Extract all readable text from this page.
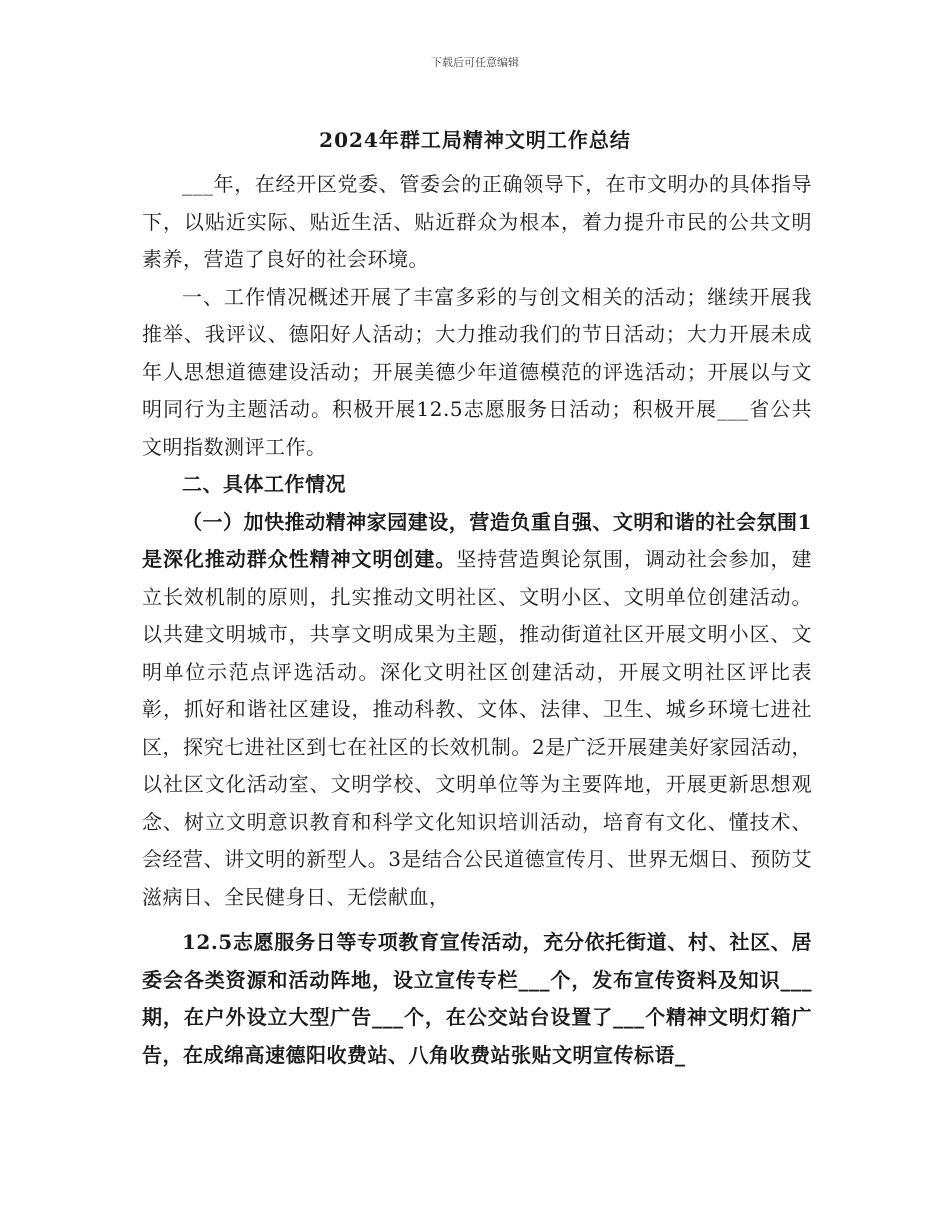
下载后可任意编辑
2024年群工局精神文明工作总结

___年，在经开区党委、管委会的正确领导下，在市文明办的具体指导下，以贴近实际、贴近生活、贴近群众为根本，着力提升市民的公共文明素养，营造了良好的社会环境。

一、工作情况概述开展了丰富多彩的与创文相关的活动；继续开展我推举、我评议、德阳好人活动；大力推动我们的节日活动；大力开展未成年人思想道德建设活动；开展美德少年道德模范的评选活动；开展以与文明同行为主题活动。积极开展12.5志愿服务日活动；积极开展___省公共文明指数测评工作。

二、具体工作情况

（一）加快推动精神家园建设，营造负重自强、文明和谐的社会氛围1是深化推动群众性精神文明创建。坚持营造舆论氛围，调动社会参加，建立长效机制的原则，扎实推动文明社区、文明小区、文明单位创建活动。以共建文明城市，共享文明成果为主题，推动街道社区开展文明小区、文明单位示范点评选活动。深化文明社区创建活动，开展文明社区评比表彰，抓好和谐社区建设，推动科教、文体、法律、卫生、城乡环境七进社区，探究七进社区到七在社区的长效机制。2是广泛开展建美好家园活动，以社区文化活动室、文明学校、文明单位等为主要阵地，开展更新思想观念、树立文明意识教育和科学文化知识培训活动，培育有文化、懂技术、会经营、讲文明的新型人。3是结合公民道德宣传月、世界无烟日、预防艾滋病日、全民健身日、无偿献血，

12.5志愿服务日等专项教育宣传活动，充分依托街道、村、社区、居委会各类资源和活动阵地，设立宣传专栏___个，发布宣传资料及知识___期，在户外设立大型广告___个，在公交站台设置了___个精神文明灯箱广告，在成绵高速德阳收费站、八角收费站张贴文明宣传标语_
